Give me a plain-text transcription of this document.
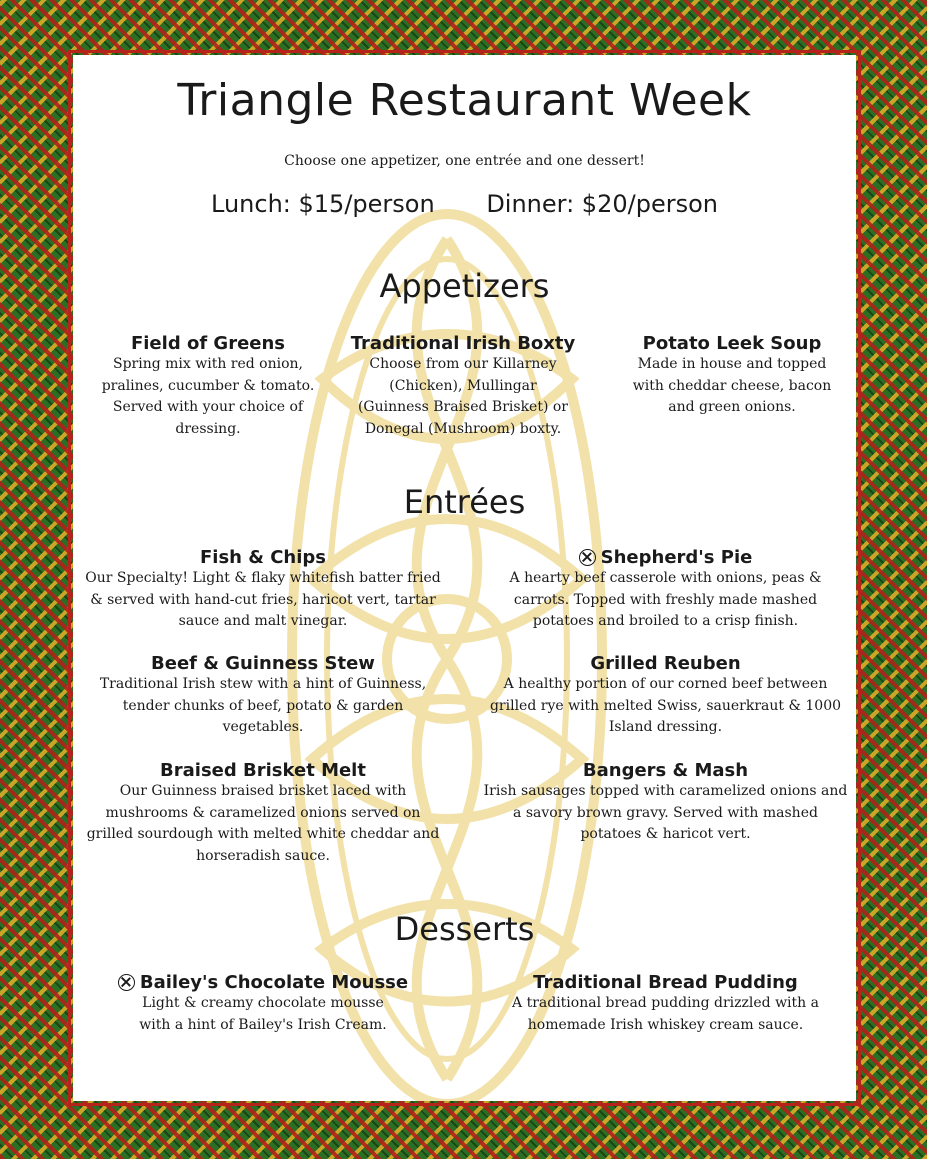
Triangle Restaurant Week
Choose one appetizer, one entrée and one dessert!
Lunch: $15/person Dinner: $20/person
Appetizers
Field of Greens
Spring mix with red onion, pralines, cucumber & tomato. Served with your choice of dressing.
Traditional Irish Boxty
Choose from our Killarney (Chicken), Mullingar (Guinness Braised Brisket) or Donegal (Mushroom) boxty.
Potato Leek Soup
Made in house and topped with cheddar cheese, bacon and green onions.
Entrées
Fish & Chips
Our Specialty! Light & flaky whitefish batter fried & served with hand-cut fries, haricot vert, tartar sauce and malt vinegar.
Shepherd's Pie
A hearty beef casserole with onions, peas & carrots. Topped with freshly made mashed potatoes and broiled to a crisp finish.
Beef & Guinness Stew
Traditional Irish stew with a hint of Guinness, tender chunks of beef, potato & garden vegetables.
Grilled Reuben
A healthy portion of our corned beef between grilled rye with melted Swiss, sauerkraut & 1000 Island dressing.
Braised Brisket Melt
Our Guinness braised brisket laced with mushrooms & caramelized onions served on grilled sourdough with melted white cheddar and horseradish sauce.
Bangers & Mash
Irish sausages topped with caramelized onions and a savory brown gravy. Served with mashed potatoes & haricot vert.
Desserts
Bailey's Chocolate Mousse
Light & creamy chocolate mousse with a hint of Bailey's Irish Cream.
Traditional Bread Pudding
A traditional bread pudding drizzled with a homemade Irish whiskey cream sauce.
